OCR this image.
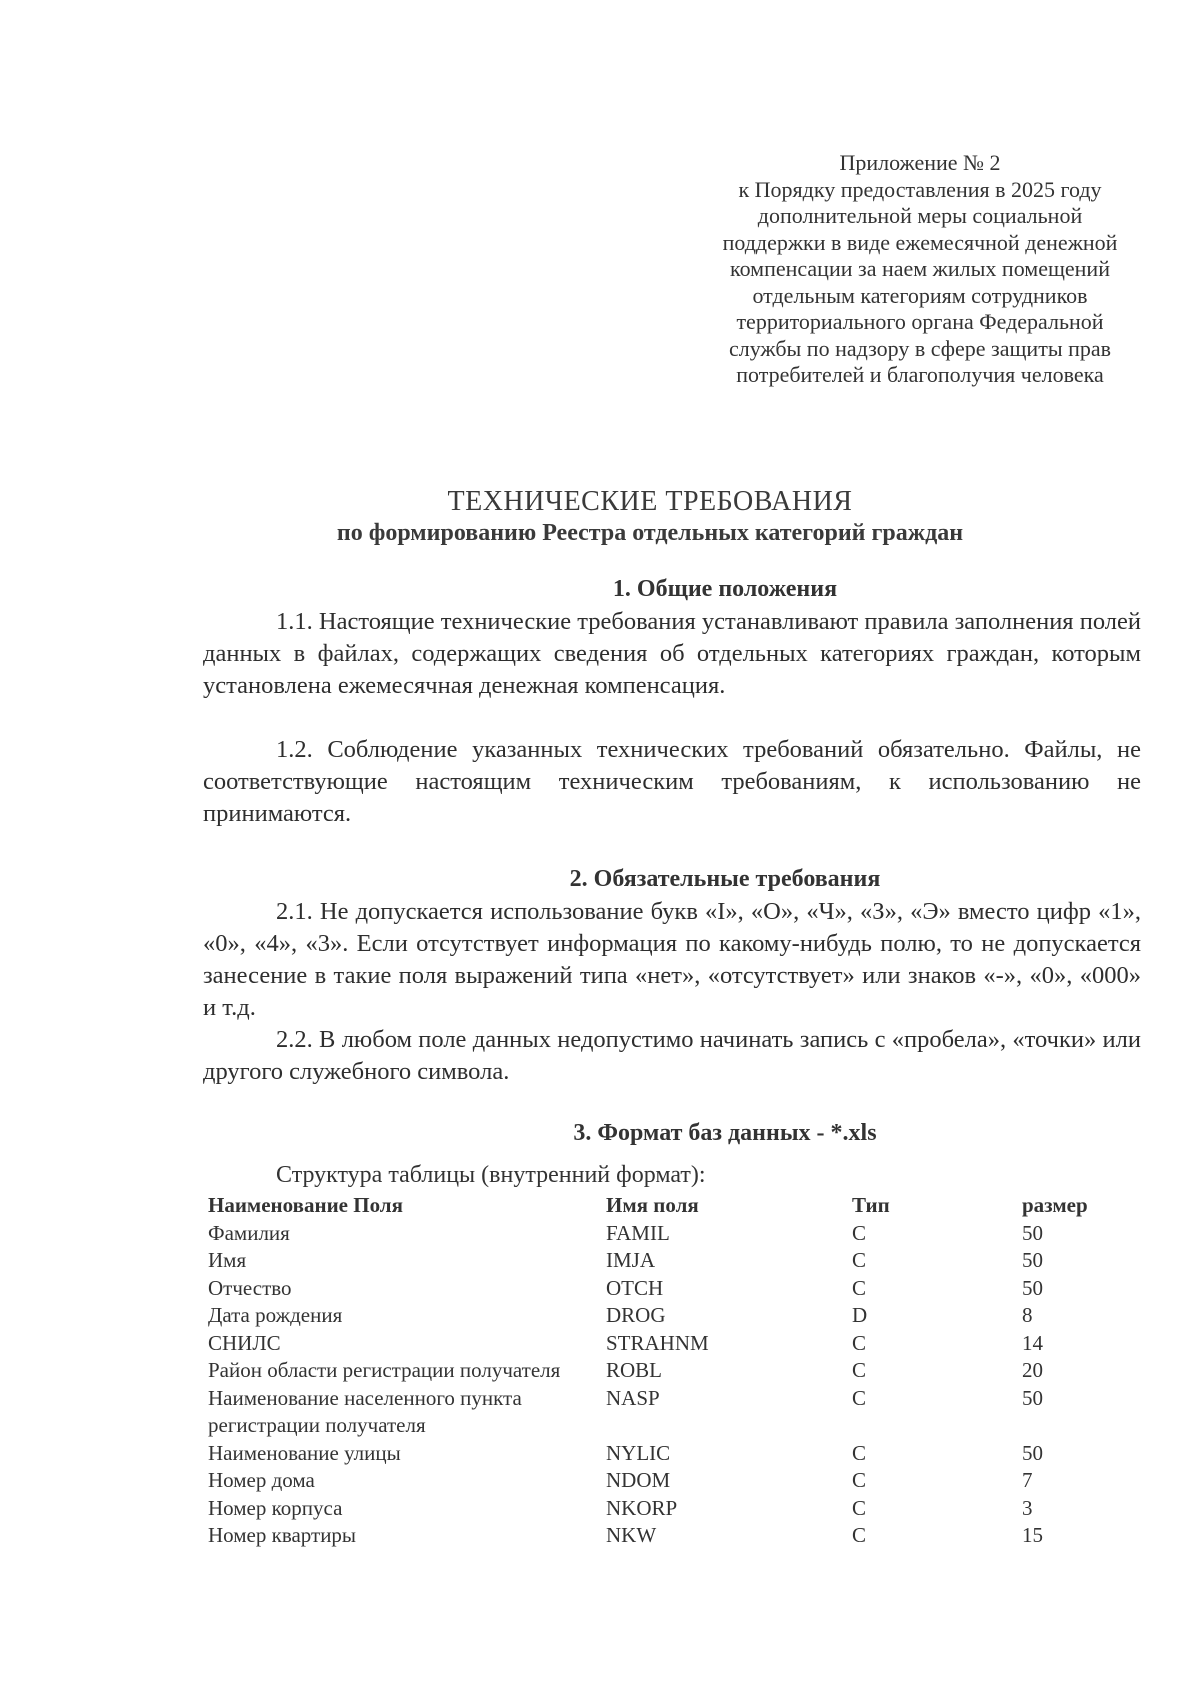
Приложение № 2
к Порядку предоставления в 2025 году
дополнительной меры социальной
поддержки в виде ежемесячной денежной
компенсации за наем жилых помещений
отдельным категориям сотрудников
территориального органа Федеральной
службы по надзору в сфере защиты прав
потребителей и благополучия человека
ТЕХНИЧЕСКИЕ ТРЕБОВАНИЯ
по формированию Реестра отдельных категорий граждан
1. Общие положения
1.1. Настоящие технические требования устанавливают правила заполнения полей данных в файлах, содержащих сведения об отдельных категориях граждан, которым установлена ежемесячная денежная компенсация.
1.2. Соблюдение указанных технических требований обязательно. Файлы, не соответствующие настоящим техническим требованиям, к использованию не принимаются.
2. Обязательные требования
2.1. Не допускается использование букв «I», «О», «Ч», «З», «Э» вместо цифр «1», «0», «4», «3». Если отсутствует информация по какому-нибудь полю, то не допускается занесение в такие поля выражений типа «нет», «отсутствует» или знаков «-», «0», «000» и т.д.
2.2. В любом поле данных недопустимо начинать запись с «пробела», «точки» или другого служебного символа.
3. Формат баз данных - *.xls
Структура таблицы (внутренний формат):
Наименование Поля	Имя поля	Тип	размер
Фамилия	FAMIL	C	50
Имя	IMJA	C	50
Отчество	OTCH	C	50
Дата рождения	DROG	D	8
СНИЛС	STRAHNM	C	14
Район области регистрации получателя	ROBL	C	20
Наименование населенного пункта регистрации получателя	NASP	C	50
Наименование улицы	NYLIC	C	50
Номер дома	NDOM	C	7
Номер корпуса	NKORP	C	3
Номер квартиры	NKW	C	15
